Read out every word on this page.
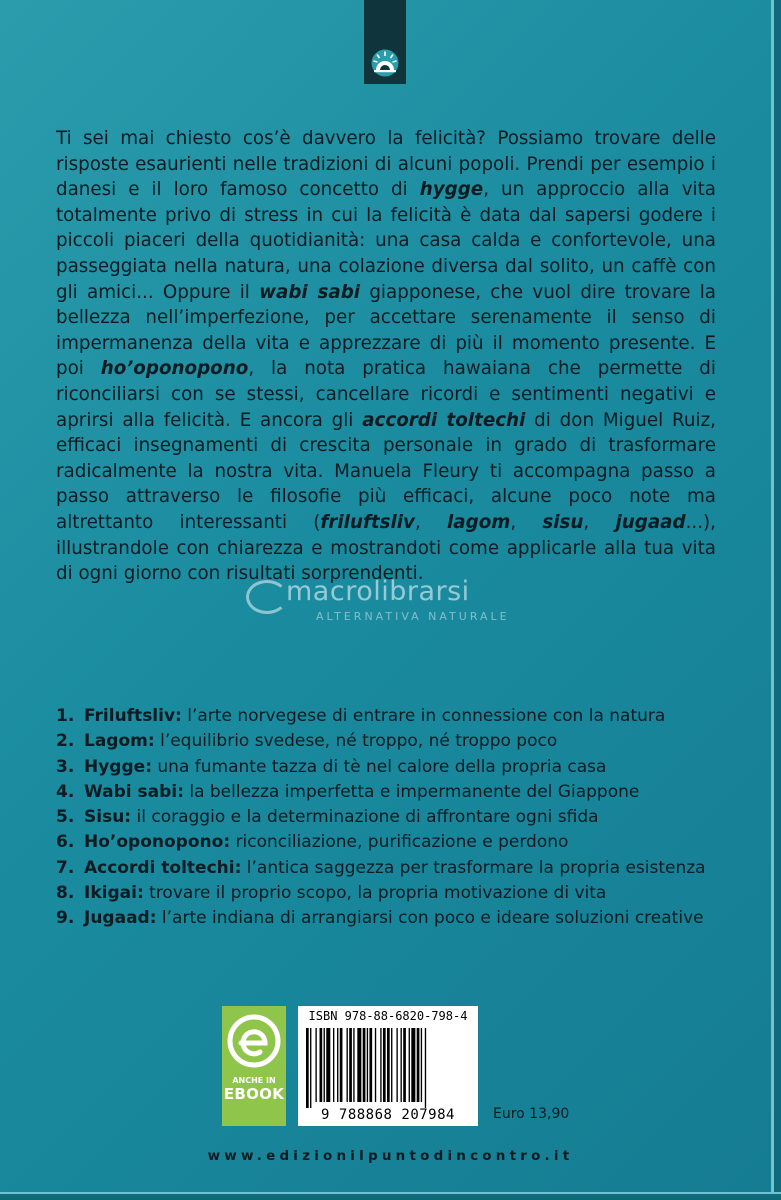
Ti sei mai chiesto cos’è davvero la felicità? Possiamo trovare delle risposte esaurienti nelle tradizioni di alcuni popoli. Prendi per esempio i danesi e il loro famoso concetto di hygge, un approccio alla vita totalmente privo di stress in cui la felicità è data dal sapersi godere i piccoli piaceri della quotidianità: una casa calda e confortevole, una passeggiata nella natura, una colazione diversa dal solito, un caffè con gli amici... Oppure il wabi sabi giapponese, che vuol dire trovare la bellezza nell’imperfezione, per accettare serenamente il senso di impermanenza della vita e apprezzare di più il momento presente. E poi ho’oponopono, la nota pratica hawaiana che permette di riconciliarsi con se stessi, cancellare ricordi e sentimenti negativi e aprirsi alla felicità. E ancora gli accordi toltechi di don Miguel Ruiz, efficaci insegnamenti di crescita personale in grado di trasformare radicalmente la nostra vita. Manuela Fleury ti accompagna passo a passo attraverso le filosofie più efficaci, alcune poco note ma altrettanto interessanti (friluftsliv, lagom, sisu, jugaad...), illustrandole con chiarezza e mostrandoti come applicarle alla tua vita di ogni giorno con risultati sorprendenti.

macrolibrarsi
ALTERNATIVA NATURALE
1. Friluftsliv: l’arte norvegese di entrare in connessione con la natura
2. Lagom: l’equilibrio svedese, né troppo, né troppo poco
3. Hygge: una fumante tazza di tè nel calore della propria casa
4. Wabi sabi: la bellezza imperfetta e impermanente del Giappone
5. Sisu: il coraggio e la determinazione di affrontare ogni sfida
6. Ho’oponopono: riconciliazione, purificazione e perdono
7. Accordi toltechi: l’antica saggezza per trasformare la propria esistenza
8. Ikigai: trovare il proprio scopo, la propria motivazione di vita
9. Jugaad: l’arte indiana di arrangiarsi con poco e ideare soluzioni creative
ANCHE IN
EBOOK
ISBN 978-88-6820-798-4
9 788868 207984	Euro 13,90
www.edizionilpuntodincontro.it
